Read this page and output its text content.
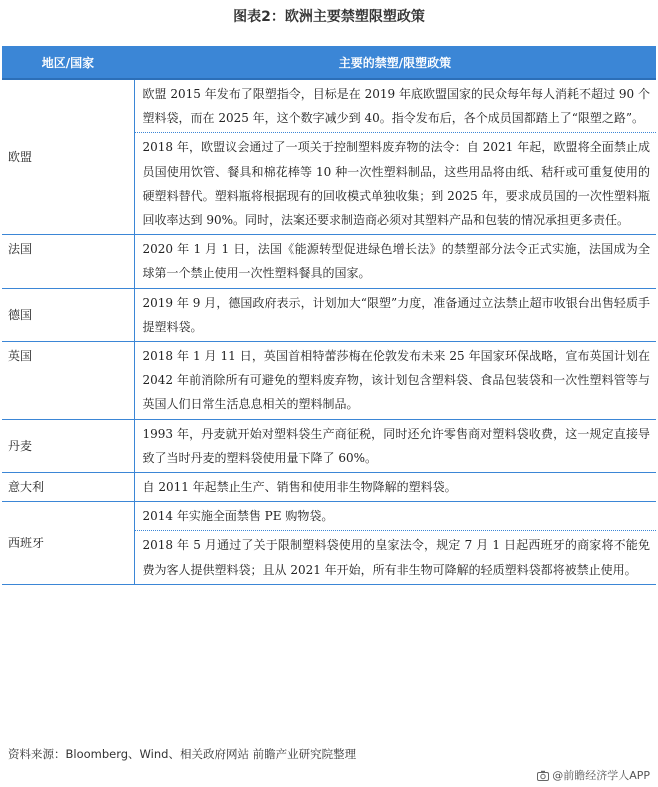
图表2：欧洲主要禁塑限塑政策
地区/国家	主要的禁塑/限塑政策
欧盟	欧盟 2015 年发布了限塑指令，目标是在 2019 年底欧盟国家的民众每年每人消耗不超过 90 个塑料袋，而在 2025 年，这个数字减少到 40。指令发布后，各个成员国都踏上了“限塑之路”。
	2018 年，欧盟议会通过了一项关于控制塑料废弃物的法令：自 2021 年起，欧盟将全面禁止成员国使用饮管、餐具和棉花棒等 10 种一次性塑料制品，这些用品将由纸、秸秆或可重复使用的硬塑料替代。塑料瓶将根据现有的回收模式单独收集；到 2025 年，要求成员国的一次性塑料瓶回收率达到 90%。同时，法案还要求制造商必须对其塑料产品和包装的情况承担更多责任。
法国	2020 年 1 月 1 日，法国《能源转型促进绿色增长法》的禁塑部分法令正式实施，法国成为全球第一个禁止使用一次性塑料餐具的国家。
德国	2019 年 9 月，德国政府表示，计划加大“限塑”力度，准备通过立法禁止超市收银台出售轻质手提塑料袋。
英国	2018 年 1 月 11 日，英国首相特蕾莎梅在伦敦发布未来 25 年国家环保战略，宣布英国计划在 2042 年前消除所有可避免的塑料废弃物，该计划包含塑料袋、食品包装袋和一次性塑料管等与英国人们日常生活息息相关的塑料制品。
丹麦	1993 年，丹麦就开始对塑料袋生产商征税，同时还允许零售商对塑料袋收费，这一规定直接导致了当时丹麦的塑料袋使用量下降了 60%。
意大利	自 2011 年起禁止生产、销售和使用非生物降解的塑料袋。
西班牙	2014 年实施全面禁售 PE 购物袋。
	2018 年 5 月通过了关于限制塑料袋使用的皇家法令，规定 7 月 1 日起西班牙的商家将不能免费为客人提供塑料袋；且从 2021 年开始，所有非生物可降解的轻质塑料袋都将被禁止使用。
资料来源：Bloomberg、Wind、相关政府网站 前瞻产业研究院整理
@前瞻经济学人APP
